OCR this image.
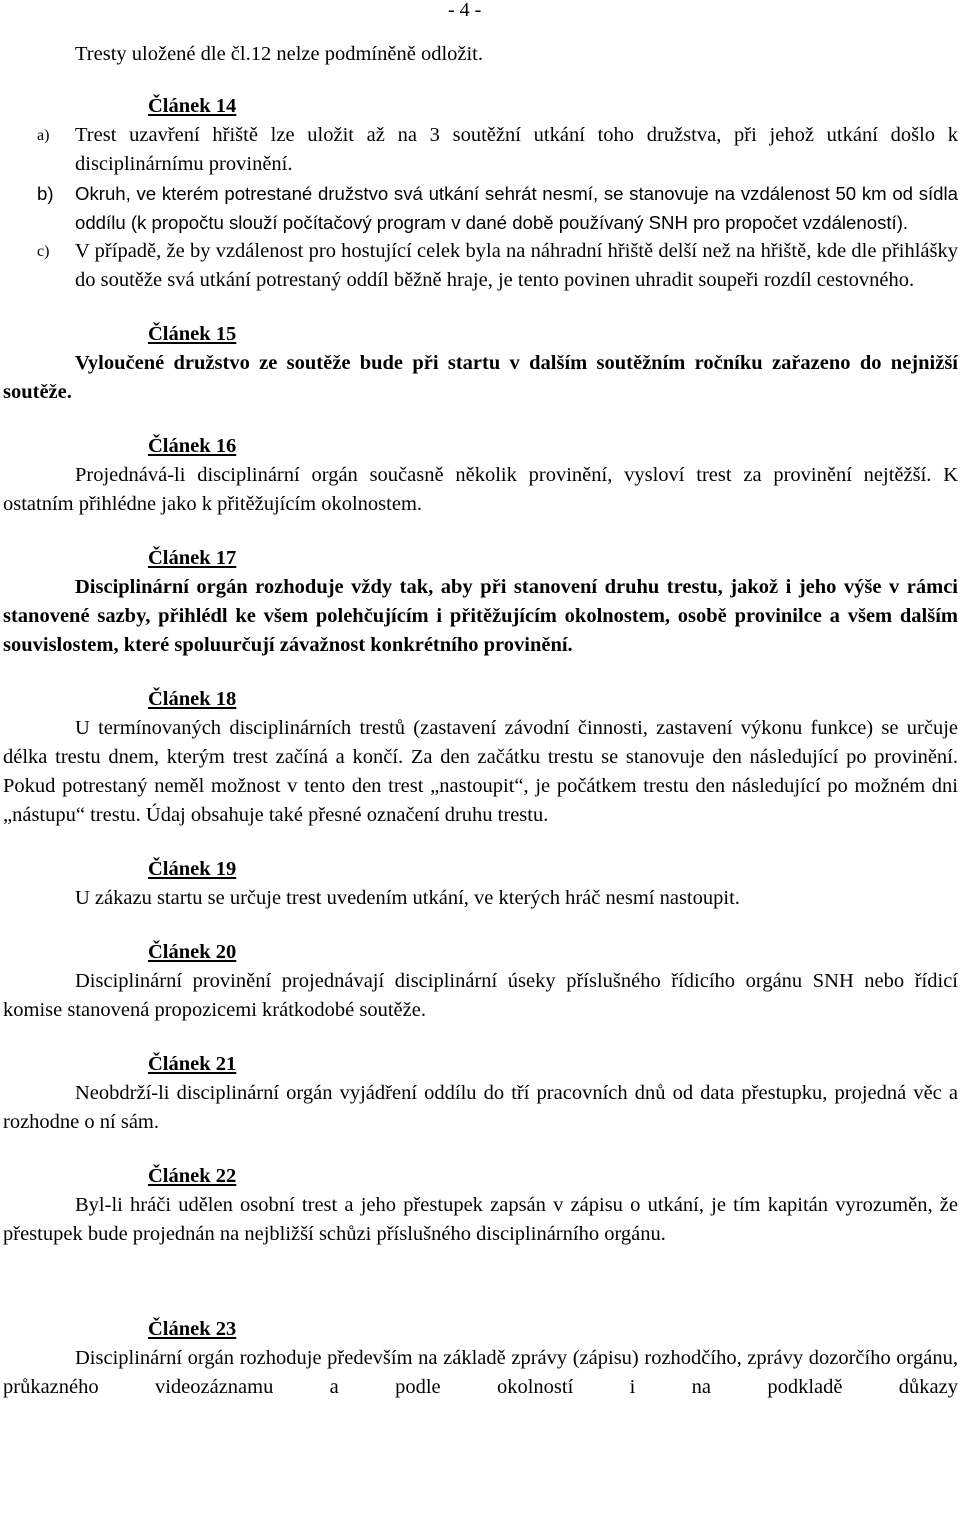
- 4 -

Tresty uložené dle čl.12 nelze podmíněně odložit.

Článek 14

a) Trest uzavření hřiště lze uložit až na 3 soutěžní utkání toho družstva, při jehož utkání došlo k disciplinárnímu provinění.
b) Okruh, ve kterém potrestané družstvo svá utkání sehrát nesmí, se stanovuje na vzdálenost 50 km od sídla oddílu (k propočtu slouží počítačový program v dané době používaný SNH pro propočet vzdáleností).
c) V případě, že by vzdálenost pro hostující celek byla na náhradní hřiště delší než na hřiště, kde dle přihlášky do soutěže svá utkání potrestaný oddíl běžně hraje, je tento povinen uhradit soupeři rozdíl cestovného.

Článek 15

Vyloučené družstvo ze soutěže bude při startu v dalším soutěžním ročníku zařazeno do nejnižší soutěže.

Článek 16

Projednává-li disciplinární orgán současně několik provinění, vysloví trest za provinění nejtěžší. K ostatním přihlédne jako k přitěžujícím okolnostem.

Článek 17

Disciplinární orgán rozhoduje vždy tak, aby při stanovení druhu trestu, jakož i jeho výše v rámci stanovené sazby, přihlédl ke všem polehčujícím i přitěžujícím okolnostem, osobě provinilce a všem dalším souvislostem, které spoluurčují závažnost konkrétního provinění.

Článek 18

U termínovaných disciplinárních trestů (zastavení závodní činnosti, zastavení výkonu funkce) se určuje délka trestu dnem, kterým trest začíná a končí. Za den začátku trestu se stanovuje den následující po provinění. Pokud potrestaný neměl možnost v tento den trest „nastoupit“, je počátkem trestu den následující po možném dni „nástupu“ trestu. Údaj obsahuje také přesné označení druhu trestu.

Článek 19

U zákazu startu se určuje trest uvedením utkání, ve kterých hráč nesmí nastoupit.

Článek 20

Disciplinární provinění projednávají disciplinární úseky příslušného řídicího orgánu SNH nebo řídicí komise stanovená propozicemi krátkodobé soutěže.

Článek 21

Neobdrží-li disciplinární orgán vyjádření oddílu do tří pracovních dnů od data přestupku, projedná věc a rozhodne o ní sám.

Článek 22

Byl-li hráči udělen osobní trest a jeho přestupek zapsán v zápisu o utkání, je tím kapitán vyrozuměn, že přestupek bude projednán na nejbližší schůzi příslušného disciplinárního orgánu.

Článek 23

Disciplinární orgán rozhoduje především na základě zprávy (zápisu) rozhodčího, zprávy dozorčího orgánu, průkazného videozáznamu a podle okolností i na podkladě důkazy
